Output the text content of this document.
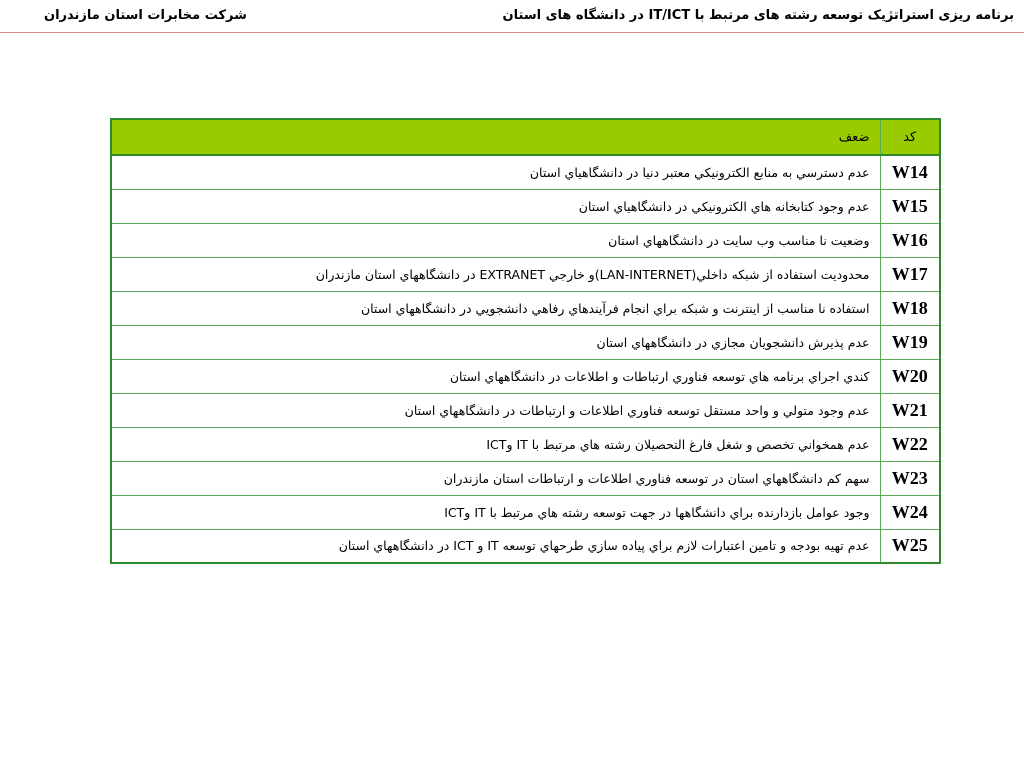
برنامه ریزی استراتژیک توسعه رشته های مرتبط با IT/ICT در دانشگاه های استان
شرکت مخابرات استان مازندران
کد	ضعف
W14	عدم دسترسي به منابع الكترونيكي معتبر دنيا در دانشگاهياي استان
W15	عدم وجود كتابخانه هاي الكترونيكي در دانشگاهياي استان
W16	وضعيت نا مناسب وب سايت در دانشگاههاي استان
W17	محدوديت استفاده از شبكه داخلي(LAN-INTERNET)و خارجي EXTRANET در دانشگاههاي استان مازندران
W18	استفاده نا مناسب از اينترنت و شبكه براي انجام فرآيندهاي رفاهي دانشجويي در دانشگاههاي استان
W19	عدم پذيرش دانشجويان مجازي در دانشگاههاي استان
W20	كندي اجراي برنامه هاي توسعه فناوري ارتباطات و اطلاعات در دانشگاههاي استان
W21	عدم وجود متولي و واحد مستقل توسعه فناوري اطلاعات و ارتباطات در دانشگاههاي استان
W22	عدم همخواني تخصص و شغل فارغ التحصيلان رشته هاي مرتبط با IT وICT
W23	سهم كم دانشگاههاي استان در توسعه فناوري اطلاعات و ارتباطات استان مازندران
W24	وجود عوامل بازدارنده براي دانشگاهها در جهت توسعه رشته هاي مرتبط با IT وICT
W25	عدم تهيه بودجه و تامين اعتبارات لازم براي پياده سازي طرحهاي توسعه IT و ICT در دانشگاههاي استان
